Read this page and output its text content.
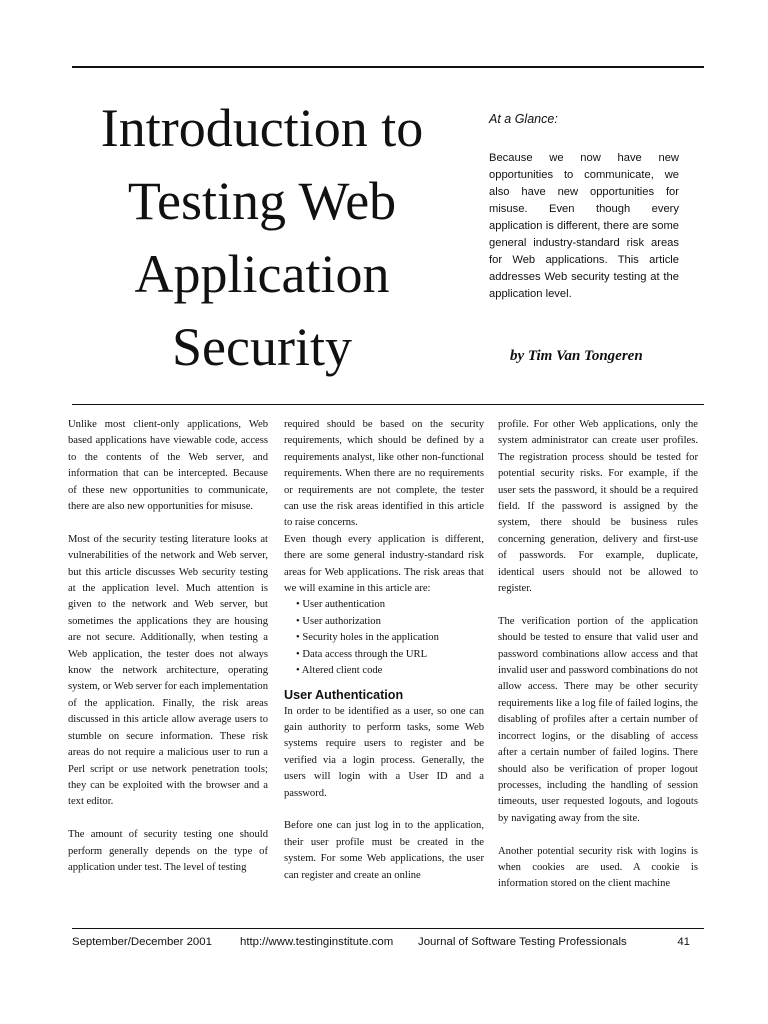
Introduction to
Testing Web
Application
Security

At a Glance:

Because we now have new opportunities to communicate, we also have new opportunities for misuse. Even though every application is different, there are some general industry-standard risk areas for Web applications. This article addresses Web security testing at the application level.

by Tim Van Tongeren

Unlike most client-only applications, Web based applications have viewable code, access to the contents of the Web server, and information that can be intercepted. Because of these new opportunities to communicate, there are also new opportunities for misuse.

Most of the security testing literature looks at vulnerabilities of the network and Web server, but this article discusses Web security testing at the application level. Much attention is given to the network and Web server, but sometimes the applications they are housing are not secure. Additionally, when testing a Web application, the tester does not always know the network architecture, operating system, or Web server for each implementation of the application. Finally, the risk areas discussed in this article allow average users to stumble on secure information. These risk areas do not require a malicious user to run a Perl script or use network penetration tools; they can be exploited with the browser and a text editor.

The amount of security testing one should perform generally depends on the type of application under test. The level of testing

required should be based on the security requirements, which should be defined by a requirements analyst, like other non-functional requirements. When there are no requirements or requirements are not complete, the tester can use the risk areas identified in this article to raise concerns.

Even though every application is different, there are some general industry-standard risk areas for Web applications. The risk areas that we will examine in this article are:

• User authentication
• User authorization
• Security holes in the application
• Data access through the URL
• Altered client code
User Authentication

In order to be identified as a user, so one can gain authority to perform tasks, some Web systems require users to register and be verified via a login process. Generally, the users will login with a User ID and a password.

Before one can just log in to the application, their user profile must be created in the system. For some Web applications, the user can register and create an online

profile. For other Web applications, only the system administrator can create user profiles. The registration process should be tested for potential security risks. For example, if the user sets the password, it should be a required field. If the password is assigned by the system, there should be business rules concerning generation, delivery and first-use of passwords. For example, duplicate, identical users should not be allowed to register.

The verification portion of the application should be tested to ensure that valid user and password combinations allow access and that invalid user and password combinations do not allow access. There may be other security requirements like a log file of failed logins, the disabling of profiles after a certain number of incorrect logins, or the disabling of access after a certain number of failed logins. There should also be verification of proper logout processes, including the handling of session timeouts, user requested logouts, and logouts by navigating away from the site.

Another potential security risk with logins is when cookies are used. A cookie is information stored on the client machine

September/December 2001 http://www.testinginstitute.com Journal of Software Testing Professionals	41
